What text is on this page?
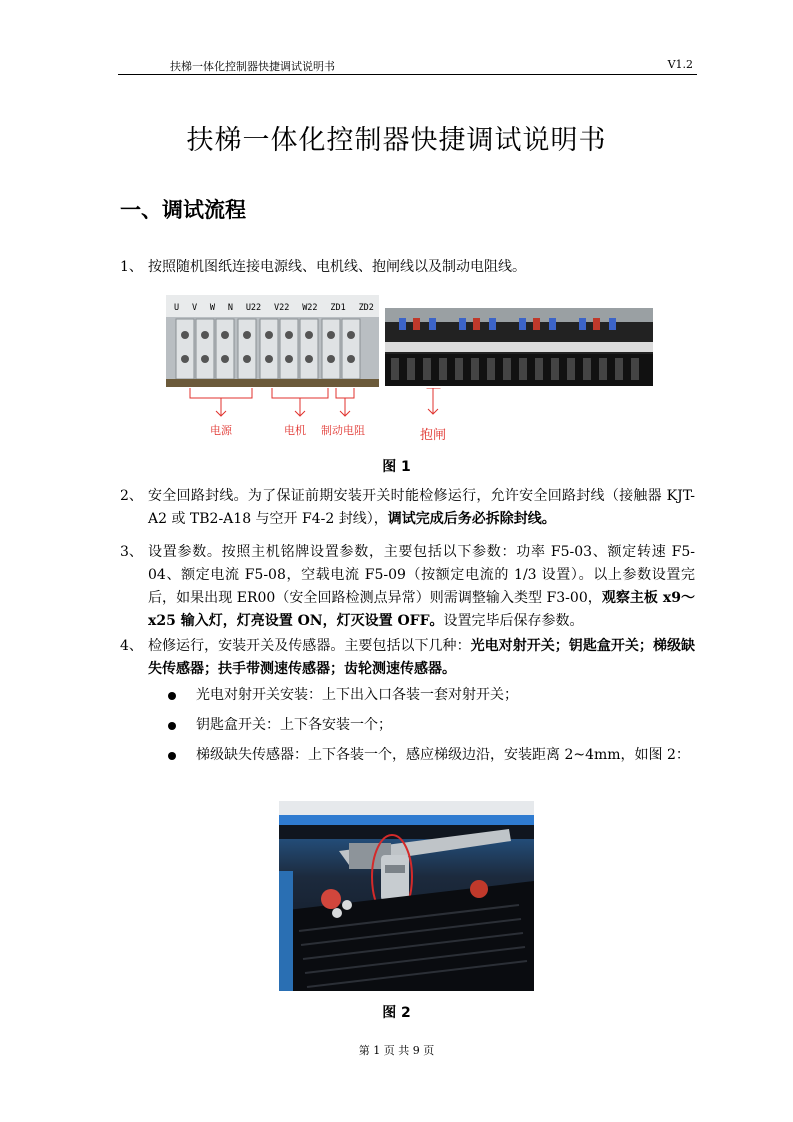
扶梯一体化控制器快捷调试说明书	V1.2
扶梯一体化控制器快捷调试说明书
一、调试流程
1、 按照随机图纸连接电源线、电机线、抱闸线以及制动电阻线。
U V W N U22 V22 W22 ZD1 ZD2
电源	电机 制动电阻	抱闸
图 1
2、 安全回路封线。为了保证前期安装开关时能检修运行，允许安全回路封线（接触器 KJT-A2 或 TB2-A18 与空开 F4-2 封线），调试完成后务必拆除封线。
3、 设置参数。按照主机铭牌设置参数，主要包括以下参数：功率 F5-03、额定转速 F5-04、额定电流 F5-08，空载电流 F5-09（按额定电流的 1/3 设置）。以上参数设置完后，如果出现 ER00（安全回路检测点异常）则需调整输入类型 F3-00，观察主板 x9～x25 输入灯，灯亮设置 ON，灯灭设置 OFF。设置完毕后保存参数。
4、 检修运行，安装开关及传感器。主要包括以下几种：光电对射开关；钥匙盒开关；梯级缺失传感器；扶手带测速传感器；齿轮测速传感器。
光电对射开关安装：上下出入口各装一套对射开关；
钥匙盒开关：上下各安装一个；
梯级缺失传感器：上下各装一个，感应梯级边沿，安装距离 2~4mm，如图 2：
图 2
第 1 页 共 9 页
